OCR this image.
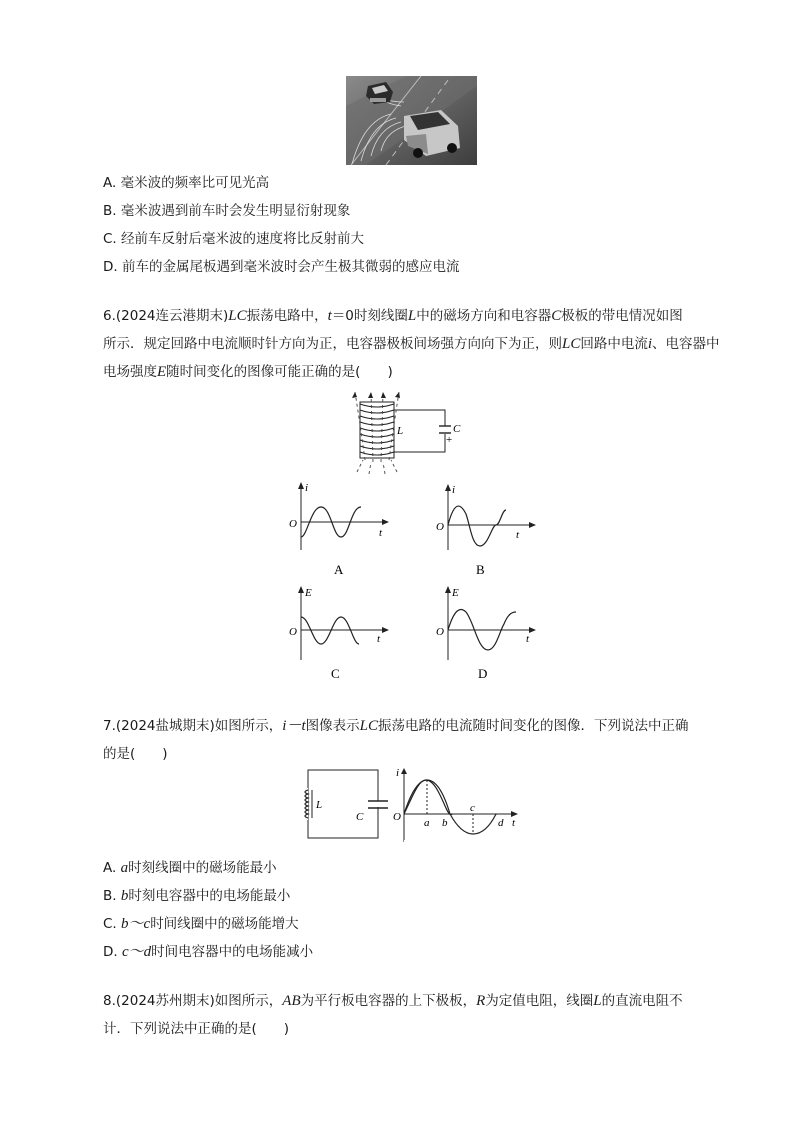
A. 毫米波的频率比可见光高
B. 毫米波遇到前车时会发生明显衍射现象
C. 经前车反射后毫米波的速度将比反射前大
D. 前车的金属尾板遇到毫米波时会产生极其微弱的感应电流
6.(2024连云港期末)LC振荡电路中，t＝0时刻线圈L中的磁场方向和电容器C极板的带电情况如图
所示．规定回路中电流顺时针方向为正，电容器极板间场强方向向下为正，则LC回路中电流i、电容器中
电场强度E随时间变化的图像可能正确的是(　　)
L	C
+
i
O
t
A
i
O
t
B
E
O
t
C
E
O
t
D
7.(2024盐城期末)如图所示，i－t图像表示LC振荡电路的电流随时间变化的图像．下列说法中正确
的是(　　)
L
C
i
O a b
c
d t
A. a时刻线圈中的磁场能最小
B. b时刻电容器中的电场能最小
C. b～c时间线圈中的磁场能增大
D. c～d时间电容器中的电场能减小
8.(2024苏州期末)如图所示，AB为平行板电容器的上下极板，R为定值电阻，线圈L的直流电阻不
计．下列说法中正确的是(　　)
